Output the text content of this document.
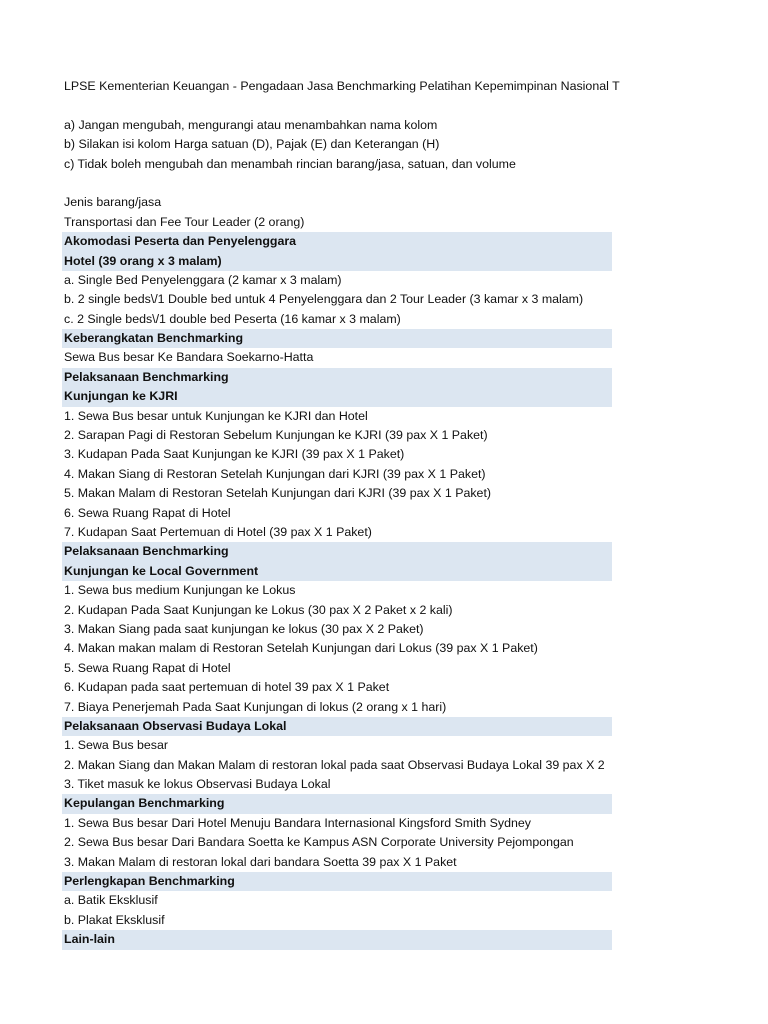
LPSE Kementerian Keuangan - Pengadaan Jasa Benchmarking Pelatihan Kepemimpinan Nasional T
a) Jangan mengubah, mengurangi atau menambahkan nama kolom
b) Silakan isi kolom Harga satuan (D), Pajak (E) dan Keterangan (H)
c) Tidak boleh mengubah dan menambah rincian barang/jasa, satuan, dan volume
Jenis barang/jasa
Transportasi dan Fee Tour Leader (2 orang)
Akomodasi Peserta dan Penyelenggara
Hotel (39 orang x 3 malam)
a. Single Bed Penyelenggara (2 kamar x 3 malam)
b. 2 single beds\/1 Double bed untuk 4 Penyelenggara dan 2 Tour Leader (3 kamar x 3 malam)
c. 2 Single beds\/1 double bed Peserta (16 kamar x 3 malam)
Keberangkatan Benchmarking
Sewa Bus besar Ke Bandara Soekarno-Hatta
Pelaksanaan Benchmarking
Kunjungan ke KJRI
1. Sewa Bus besar untuk Kunjungan ke KJRI dan Hotel
2. Sarapan Pagi di Restoran Sebelum Kunjungan ke KJRI (39 pax X 1 Paket)
3. Kudapan Pada Saat Kunjungan ke KJRI (39 pax X 1 Paket)
4. Makan Siang di Restoran Setelah Kunjungan dari KJRI (39 pax X 1 Paket)
5. Makan Malam di Restoran Setelah Kunjungan dari KJRI (39 pax X 1 Paket)
6. Sewa Ruang Rapat di Hotel
7. Kudapan Saat Pertemuan di Hotel (39 pax X 1 Paket)
Pelaksanaan Benchmarking
Kunjungan ke Local Government
1. Sewa bus medium Kunjungan ke Lokus
2. Kudapan Pada Saat Kunjungan ke Lokus (30 pax X 2 Paket x 2 kali)
3. Makan Siang pada saat kunjungan ke lokus (30 pax X 2 Paket)
4. Makan makan malam di Restoran Setelah Kunjungan dari Lokus (39 pax X 1 Paket)
5. Sewa Ruang Rapat di Hotel
6. Kudapan pada saat pertemuan di hotel 39 pax X 1 Paket
7. Biaya Penerjemah Pada Saat Kunjungan di lokus (2 orang x 1 hari)
Pelaksanaan Observasi Budaya Lokal
1. Sewa Bus besar
2. Makan Siang dan Makan Malam di restoran lokal pada saat Observasi Budaya Lokal 39 pax X 2
3. Tiket masuk ke lokus Observasi Budaya Lokal
Kepulangan Benchmarking
1. Sewa Bus besar Dari Hotel Menuju Bandara Internasional Kingsford Smith Sydney
2. Sewa Bus besar Dari Bandara Soetta ke Kampus ASN Corporate University Pejompongan
3. Makan Malam di restoran lokal dari bandara Soetta 39 pax X 1 Paket
Perlengkapan Benchmarking
a. Batik Eksklusif
b. Plakat Eksklusif
Lain-lain
